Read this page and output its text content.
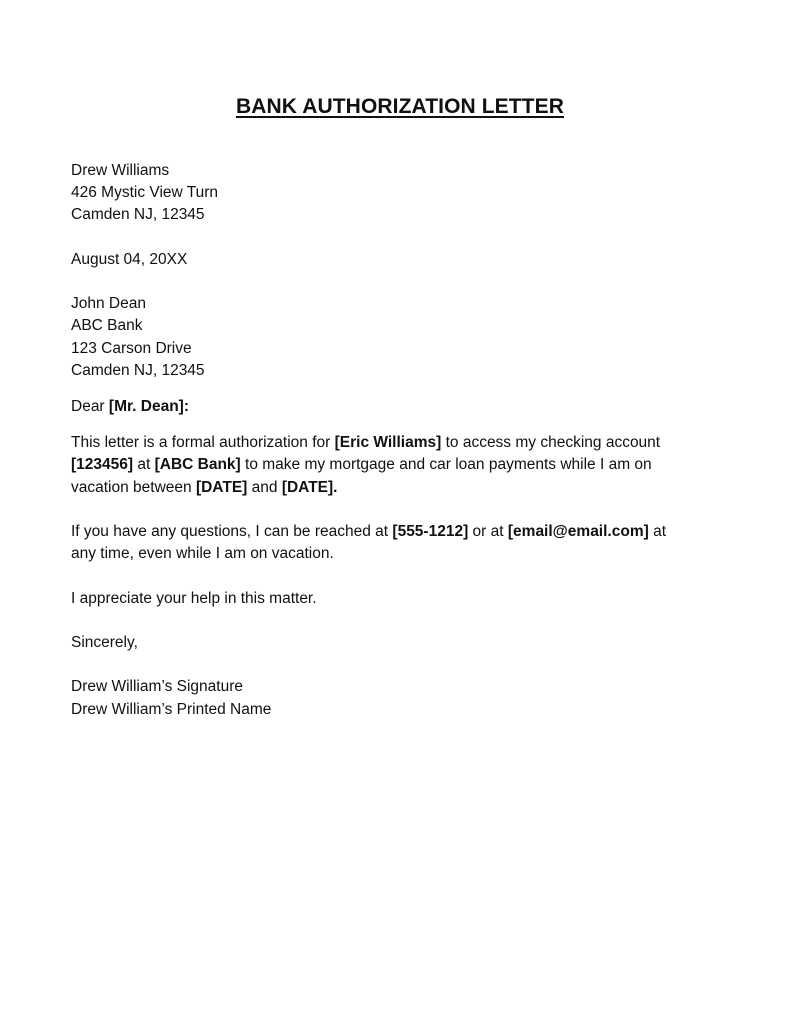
BANK AUTHORIZATION LETTER
Drew Williams
426 Mystic View Turn
Camden NJ, 12345
August 04, 20XX
John Dean
ABC Bank
123 Carson Drive
Camden NJ, 12345
Dear [Mr. Dean]:
This letter is a formal authorization for [Eric Williams] to access my checking account
[123456] at [ABC Bank] to make my mortgage and car loan payments while I am on
vacation between [DATE] and [DATE].
If you have any questions, I can be reached at [555-1212] or at [email@email.com] at
any time, even while I am on vacation.
I appreciate your help in this matter.
Sincerely,
Drew William’s Signature
Drew William’s Printed Name
